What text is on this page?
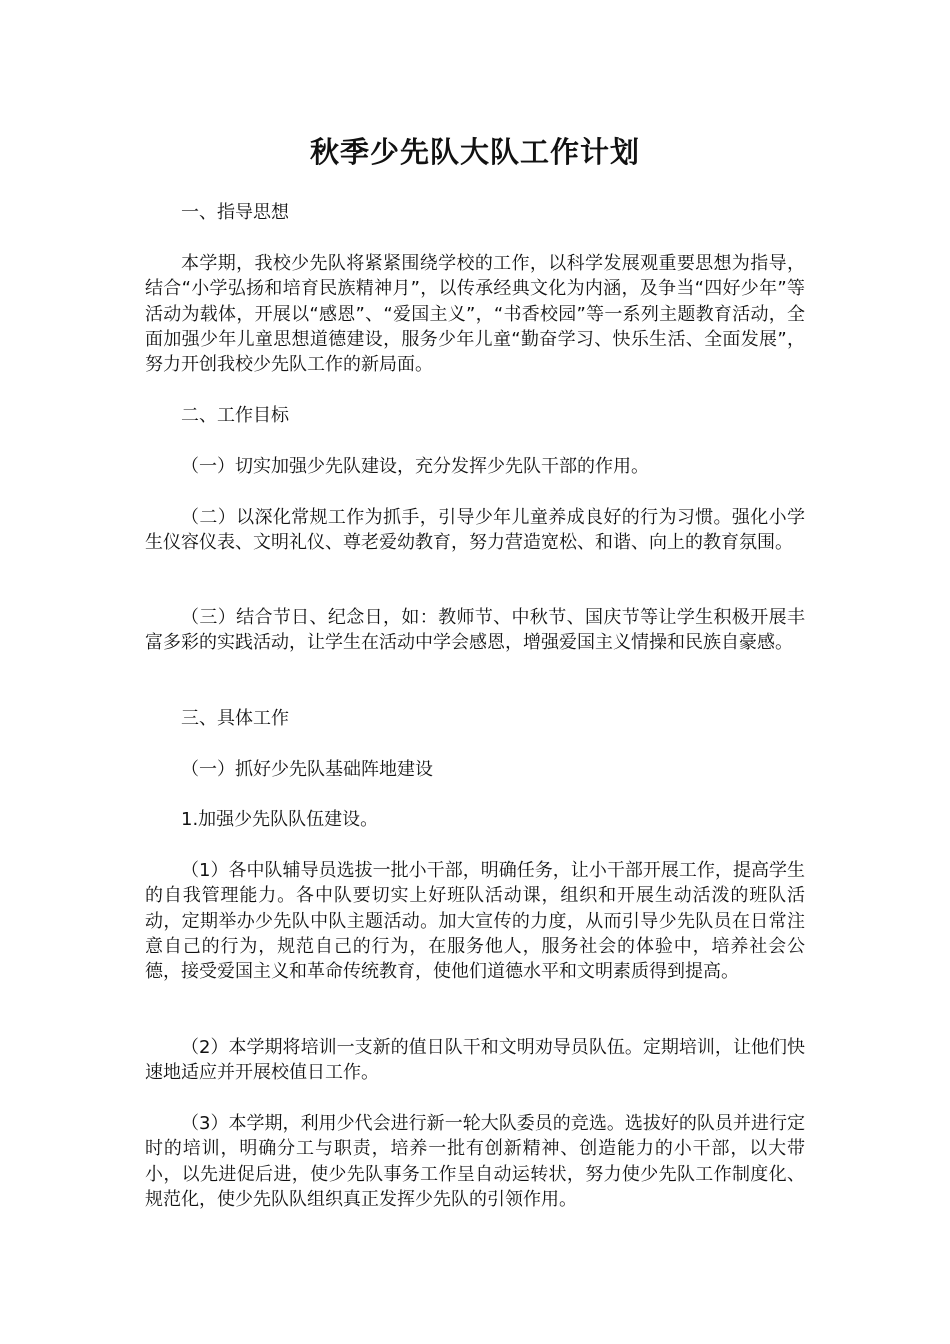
秋季少先队大队工作计划

一、指导思想

本学期，我校少先队将紧紧围绕学校的工作，以科学发展观重要思想为指导，结合“小学弘扬和培育民族精神月”，以传承经典文化为内涵，及争当“四好少年”等活动为载体，开展以“感恩”、“爱国主义”，“书香校园”等一系列主题教育活动，全面加强少年儿童思想道德建设，服务少年儿童“勤奋学习、快乐生活、全面发展”，努力开创我校少先队工作的新局面。

二、工作目标

（一）切实加强少先队建设，充分发挥少先队干部的作用。

（二）以深化常规工作为抓手，引导少年儿童养成良好的行为习惯。强化小学生仪容仪表、文明礼仪、尊老爱幼教育，努力营造宽松、和谐、向上的教育氛围。

（三）结合节日、纪念日，如：教师节、中秋节、国庆节等让学生积极开展丰富多彩的实践活动，让学生在活动中学会感恩，增强爱国主义情操和民族自豪感。

三、具体工作

（一）抓好少先队基础阵地建设

1.加强少先队队伍建设。

（1）各中队辅导员选拔一批小干部，明确任务，让小干部开展工作，提高学生的自我管理能力。各中队要切实上好班队活动课，组织和开展生动活泼的班队活动，定期举办少先队中队主题活动。加大宣传的力度，从而引导少先队员在日常注意自己的行为，规范自己的行为，在服务他人，服务社会的体验中，培养社会公德，接受爱国主义和革命传统教育，使他们道德水平和文明素质得到提高。

（2）本学期将培训一支新的值日队干和文明劝导员队伍。定期培训，让他们快速地适应并开展校值日工作。

（3）本学期，利用少代会进行新一轮大队委员的竞选。选拔好的队员并进行定时的培训，明确分工与职责，培养一批有创新精神、创造能力的小干部，以大带小，以先进促后进，使少先队事务工作呈自动运转状，努力使少先队工作制度化、规范化，使少先队队组织真正发挥少先队的引领作用。
